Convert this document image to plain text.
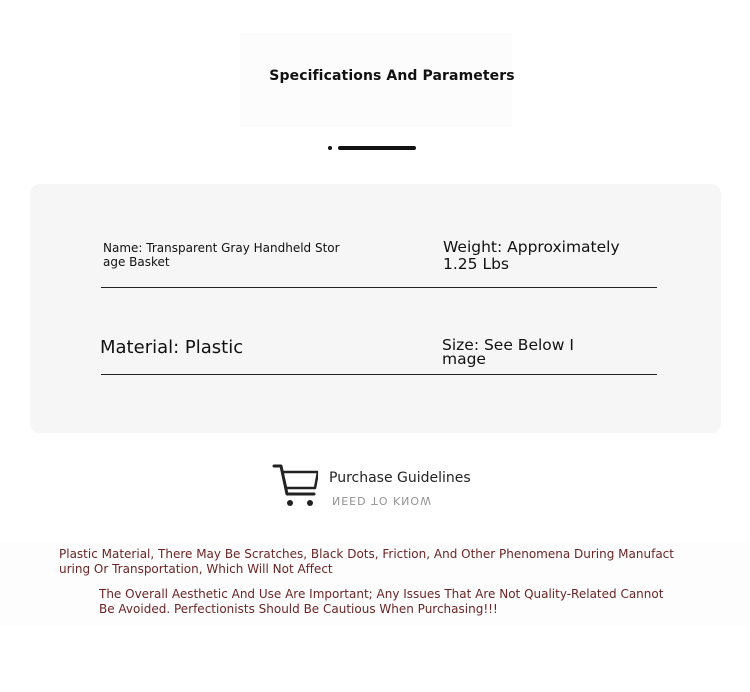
Specifications And Parameters
Name: Transparent Gray Handheld Storage Basket
Weight: Approximately 1.25 Lbs
Material: Plastic	Size: See Below Image
NEED TO KNOW
Purchase Guidelines
Plastic Material, There May Be Scratches, Black Dots, Friction, And Other Phenomena During Manufacturing Or Transportation, Which Will Not Affect
The Overall Aesthetic And Use Are Important; Any Issues That Are Not Quality-Related Cannot Be Avoided. Perfectionists Should Be Cautious When Purchasing!!!
